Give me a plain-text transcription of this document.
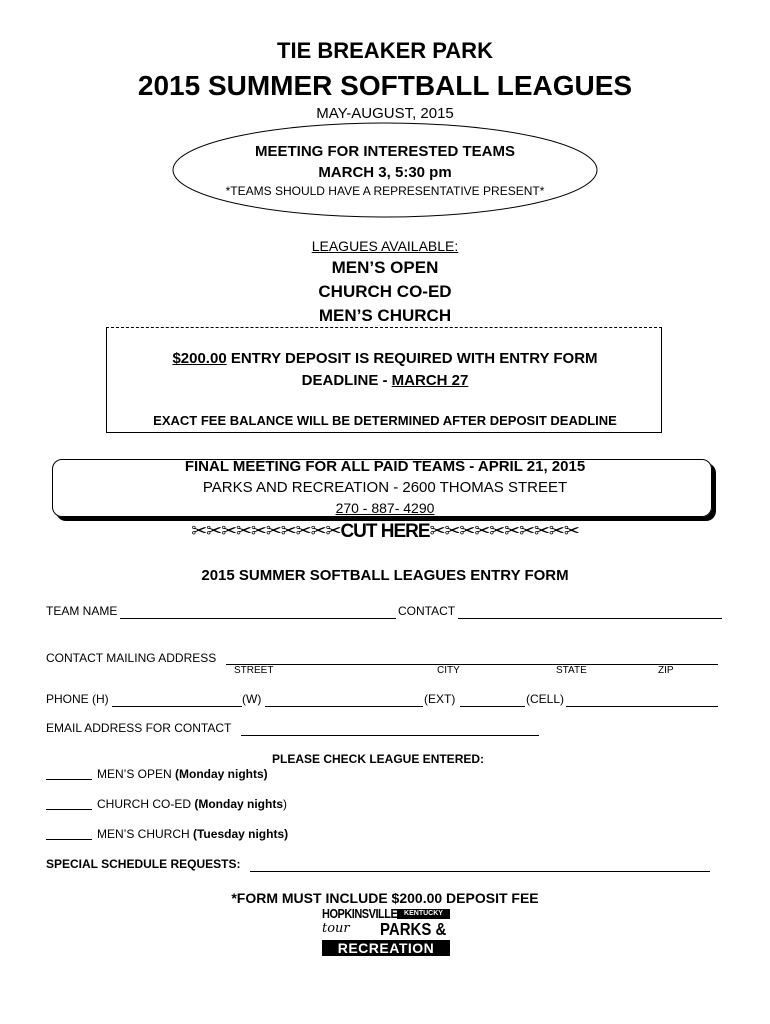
TIE BREAKER PARK
2015 SUMMER SOFTBALL LEAGUES
MAY-AUGUST, 2015
MEETING FOR INTERESTED TEAMS
MARCH 3, 5:30 pm
*TEAMS SHOULD HAVE A REPRESENTATIVE PRESENT*
LEAGUES AVAILABLE:
MEN’S OPEN
CHURCH CO-ED
MEN’S CHURCH
$200.00 ENTRY DEPOSIT IS REQUIRED WITH ENTRY FORM
DEADLINE - MARCH 27
EXACT FEE BALANCE WILL BE DETERMINED AFTER DEPOSIT DEADLINE
FINAL MEETING FOR ALL PAID TEAMS - APRIL 21, 2015
PARKS AND RECREATION - 2600 THOMAS STREET
270 - 887- 4290
✂✂✂✂✂✂✂✂✂✂CUT HERE✂✂✂✂✂✂✂✂✂✂
2015 SUMMER SOFTBALL LEAGUES ENTRY FORM
TEAM NAME	CONTACT
CONTACT MAILING ADDRESS
STREET	CITY	STATE	ZIP
PHONE (H)	(W)	(EXT)	(CELL)
EMAIL ADDRESS FOR CONTACT
PLEASE CHECK LEAGUE ENTERED:
MEN’S OPEN (Monday nights)
CHURCH CO-ED (Monday nights)
MEN’S CHURCH (Tuesday nights)
SPECIAL SCHEDULE REQUESTS:
*FORM MUST INCLUDE $200.00 DEPOSIT FEE
HOPKINSVILLE KENTUCKY
tour PARKS &
RECREATION
